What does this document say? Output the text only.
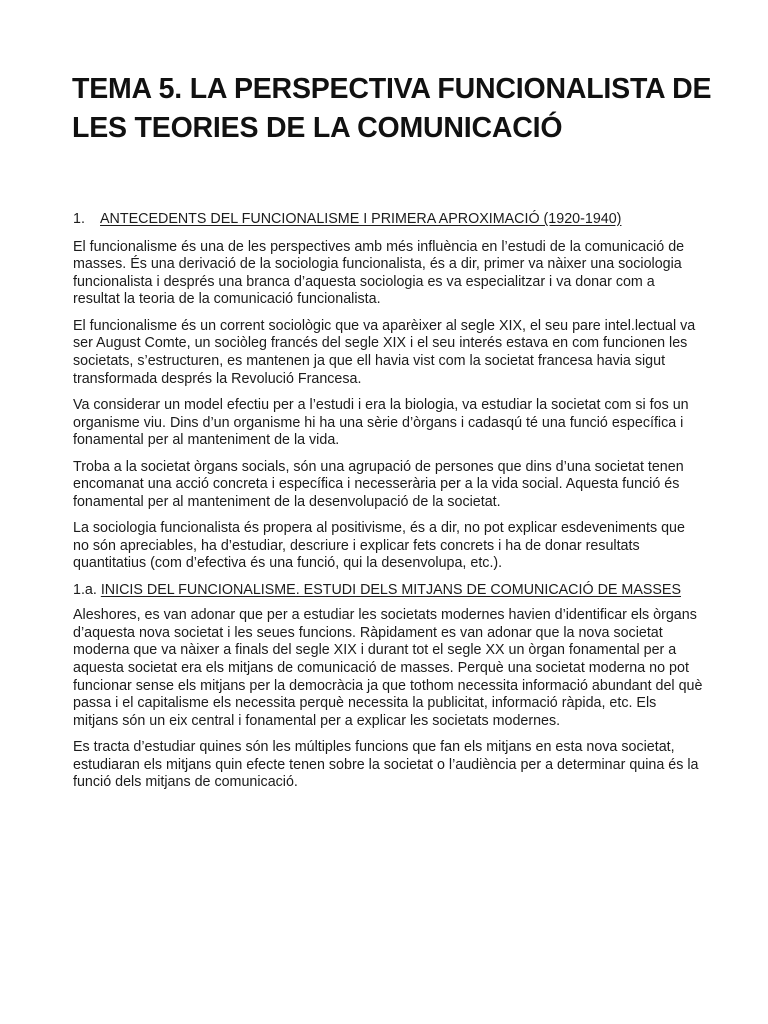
TEMA 5. LA PERSPECTIVA FUNCIONALISTA DE LES TEORIES DE LA COMUNICACIÓ

1.	ANTECEDENTS DEL FUNCIONALISME I PRIMERA APROXIMACIÓ (1920-1940)

El funcionalisme és una de les perspectives amb més influència en l’estudi de la comunicació de masses. És una derivació de la sociologia funcionalista, és a dir, primer va nàixer una sociologia funcionalista i després una branca d’aquesta sociologia es va especialitzar i va donar com a resultat la teoria de la comunicació funcionalista.

El funcionalisme és un corrent sociològic que va aparèixer al segle XIX, el seu pare intel.lectual va ser August Comte, un sociòleg francés del segle XIX i el seu interés estava en com funcionen les societats, s’estructuren, es mantenen ja que ell havia vist com la societat francesa havia sigut transformada després la Revolució Francesa.

Va considerar un model efectiu per a l’estudi i era la biologia, va estudiar la societat com si fos un organisme viu. Dins d’un organisme hi ha una sèrie d’òrgans i cadasqú té una funció específica i fonamental per al manteniment de la vida.

Troba a la societat òrgans socials, són una agrupació de persones que dins d’una societat tenen encomanat una acció concreta i específica i necesserària per a la vida social. Aquesta funció és fonamental per al manteniment de la desenvolupació de la societat.

La sociologia funcionalista és propera al positivisme, és a dir, no pot explicar esdeveniments que no són apreciables, ha d’estudiar, descriure i explicar fets concrets i ha de donar resultats quantitatius (com d’efectiva és una funció, qui la desenvolupa, etc.).

1.a. INICIS DEL FUNCIONALISME. ESTUDI DELS MITJANS DE COMUNICACIÓ DE MASSES

Aleshores, es van adonar que per a estudiar les societats modernes havien d’identificar els òrgans d’aquesta nova societat i les seues funcions. Ràpidament es van adonar que la nova societat moderna que va nàixer a finals del segle XIX i durant tot el segle XX un òrgan fonamental per a aquesta societat era els mitjans de comunicació de masses. Perquè una societat moderna no pot funcionar sense els mitjans per la democràcia ja que tothom necessita informació abundant del què passa i el capitalisme els necessita perquè necessita la publicitat, informació ràpida, etc. Els mitjans són un eix central i fonamental per a explicar les societats modernes.

Es tracta d’estudiar quines són les múltiples funcions que fan els mitjans en esta nova societat, estudiaran els mitjans quin efecte tenen sobre la societat o l’audiència per a determinar quina és la funció dels mitjans de comunicació.
